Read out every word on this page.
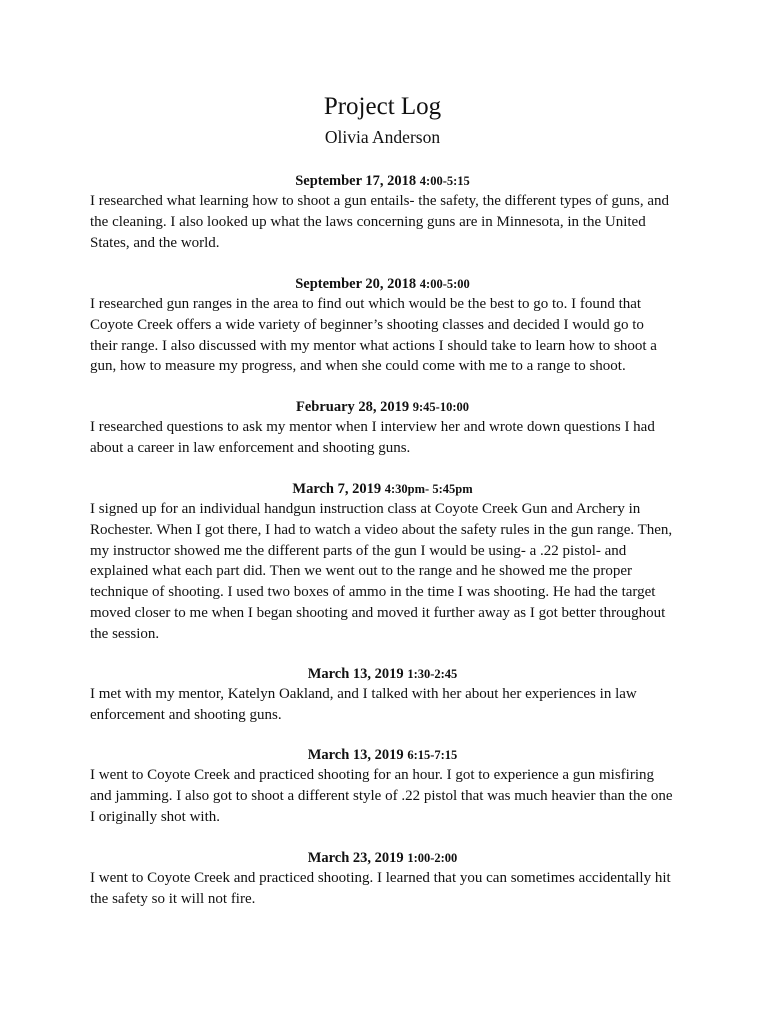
Project Log
Olivia Anderson
September 17, 2018 4:00-5:15

I researched what learning how to shoot a gun entails- the safety, the different types of guns, and the cleaning. I also looked up what the laws concerning guns are in Minnesota, in the United States, and the world.

September 20, 2018 4:00-5:00

I researched gun ranges in the area to find out which would be the best to go to. I found that Coyote Creek offers a wide variety of beginner’s shooting classes and decided I would go to their range. I also discussed with my mentor what actions I should take to learn how to shoot a gun, how to measure my progress, and when she could come with me to a range to shoot.

February 28, 2019 9:45-10:00

I researched questions to ask my mentor when I interview her and wrote down questions I had about a career in law enforcement and shooting guns.

March 7, 2019 4:30pm- 5:45pm

I signed up for an individual handgun instruction class at Coyote Creek Gun and Archery in Rochester. When I got there, I had to watch a video about the safety rules in the gun range. Then, my instructor showed me the different parts of the gun I would be using- a .22 pistol- and explained what each part did. Then we went out to the range and he showed me the proper technique of shooting. I used two boxes of ammo in the time I was shooting. He had the target moved closer to me when I began shooting and moved it further away as I got better throughout the session.

March 13, 2019 1:30-2:45

I met with my mentor, Katelyn Oakland, and I talked with her about her experiences in law enforcement and shooting guns.

March 13, 2019 6:15-7:15

I went to Coyote Creek and practiced shooting for an hour. I got to experience a gun misfiring and jamming. I also got to shoot a different style of .22 pistol that was much heavier than the one I originally shot with.

March 23, 2019 1:00-2:00

I went to Coyote Creek and practiced shooting. I learned that you can sometimes accidentally hit the safety so it will not fire.
